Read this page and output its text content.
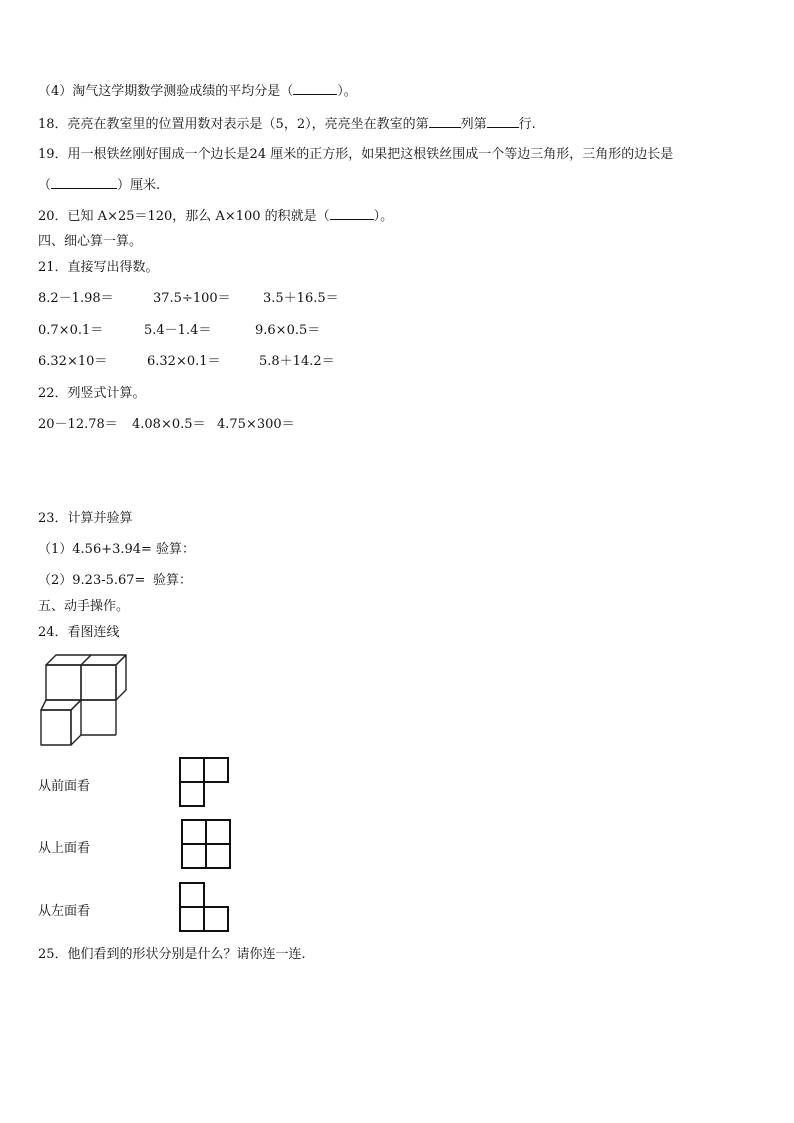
（4）淘气这学期数学测验成绩的平均分是（	）。
18．亮亮在教室里的位置用数对表示是（5，2），亮亮坐在教室的第 列第 行.
19．用一根铁丝刚好围成一个边长是24 厘米的正方形，如果把这根铁丝围成一个等边三角形，三角形的边长是
（	）厘米.
20．已知 A×25＝120，那么 A×100 的积就是（	）。
四、细心算一算。
21．直接写出得数。
8.2－1.98＝	37.5÷100＝ 3.5＋16.5＝
0.7×0.1＝	5.4－1.4＝	9.6×0.5＝
6.32×10＝	6.32×0.1＝	5.8＋14.2＝
22．列竖式计算。
20－12.78＝ 4.08×0.5＝ 4.75×300＝
23．计算并验算
（1）4.56+3.94= 验算：
（2）9.23-5.67= 验算：
五、动手操作。
24．看图连线
从前面看
从上面看
从左面看
25．他们看到的形状分别是什么？请你连一连.
